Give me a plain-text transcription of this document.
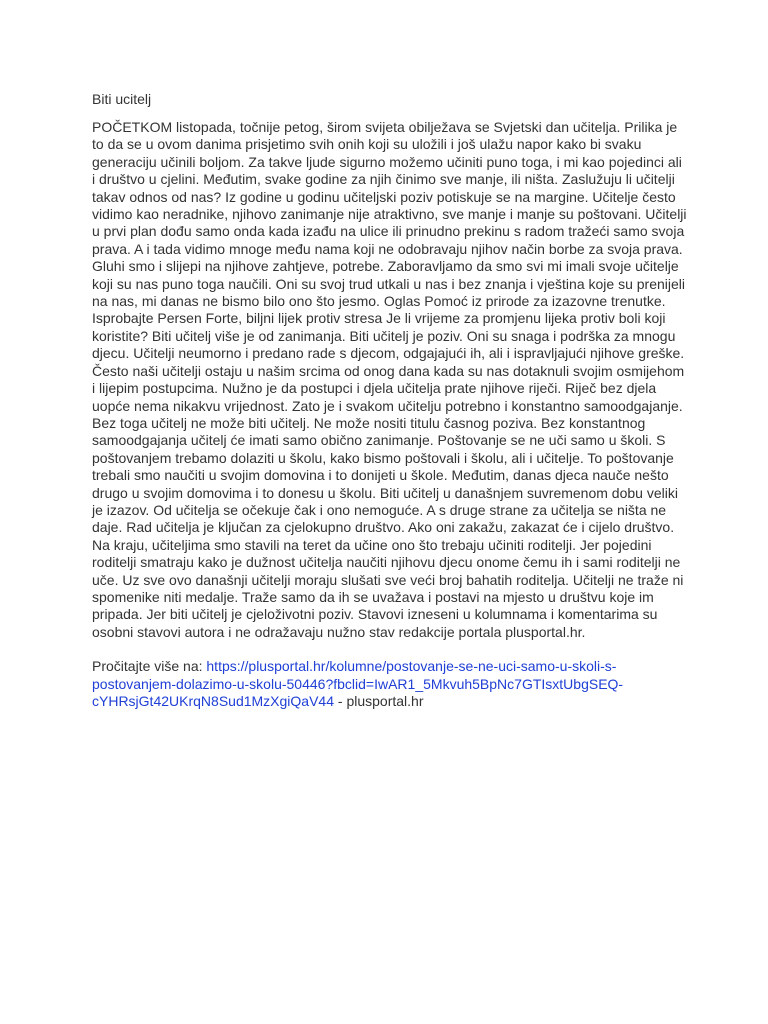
Biti ucitelj
POČETKOM listopada, točnije petog, širom svijeta obilježava se Svjetski dan učitelja. Prilika je
to da se u ovom danima prisjetimo svih onih koji su uložili i još ulažu napor kako bi svaku
generaciju učinili boljom. Za takve ljude sigurno možemo učiniti puno toga, i mi kao pojedinci ali
i društvo u cjelini. Međutim, svake godine za njih činimo sve manje, ili ništa. Zaslužuju li učitelji
takav odnos od nas? Iz godine u godinu učiteljski poziv potiskuje se na margine. Učitelje često
vidimo kao neradnike, njihovo zanimanje nije atraktivno, sve manje i manje su poštovani. Učitelji
u prvi plan dođu samo onda kada izađu na ulice ili prinudno prekinu s radom tražeći samo svoja
prava. A i tada vidimo mnoge među nama koji ne odobravaju njihov način borbe za svoja prava.
Gluhi smo i slijepi na njihove zahtjeve, potrebe. Zaboravljamo da smo svi mi imali svoje učitelje
koji su nas puno toga naučili. Oni su svoj trud utkali u nas i bez znanja i vještina koje su prenijeli
na nas, mi danas ne bismo bilo ono što jesmo. Oglas Pomoć iz prirode za izazovne trenutke.
Isprobajte Persen Forte, biljni lijek protiv stresa Je li vrijeme za promjenu lijeka protiv boli koji
koristite? Biti učitelj više je od zanimanja. Biti učitelj je poziv. Oni su snaga i podrška za mnogu
djecu. Učitelji neumorno i predano rade s djecom, odgajajući ih, ali i ispravljajući njihove greške.
Često naši učitelji ostaju u našim srcima od onog dana kada su nas dotaknuli svojim osmijehom
i lijepim postupcima. Nužno je da postupci i djela učitelja prate njihove riječi. Riječ bez djela
uopće nema nikakvu vrijednost. Zato je i svakom učitelju potrebno i konstantno samoodgajanje.
Bez toga učitelj ne može biti učitelj. Ne može nositi titulu časnog poziva. Bez konstantnog
samoodgajanja učitelj će imati samo obično zanimanje. Poštovanje se ne uči samo u školi. S
poštovanjem trebamo dolaziti u školu, kako bismo poštovali i školu, ali i učitelje. To poštovanje
trebali smo naučiti u svojim domovina i to donijeti u škole. Međutim, danas djeca nauče nešto
drugo u svojim domovima i to donesu u školu. Biti učitelj u današnjem suvremenom dobu veliki
je izazov. Od učitelja se očekuje čak i ono nemoguće. A s druge strane za učitelja se ništa ne
daje. Rad učitelja je ključan za cjelokupno društvo. Ako oni zakažu, zakazat će i cijelo društvo.
Na kraju, učiteljima smo stavili na teret da učine ono što trebaju učiniti roditelji. Jer pojedini
roditelji smatraju kako je dužnost učitelja naučiti njihovu djecu onome čemu ih i sami roditelji ne
uče. Uz sve ovo današnji učitelji moraju slušati sve veći broj bahatih roditelja. Učitelji ne traže ni
spomenike niti medalje. Traže samo da ih se uvažava i postavi na mjesto u društvu koje im
pripada. Jer biti učitelj je cjeloživotni poziv. Stavovi izneseni u kolumnama i komentarima su
osobni stavovi autora i ne odražavaju nužno stav redakcije portala plusportal.hr.
Pročitajte više na: https://plusportal.hr/kolumne/postovanje-se-ne-uci-samo-u-skoli-s-
postovanjem-dolazimo-u-skolu-50446?fbclid=IwAR1_5Mkvuh5BpNc7GTIsxtUbgSEQ-
cYHRsjGt42UKrqN8Sud1MzXgiQaV44 - plusportal.hr
